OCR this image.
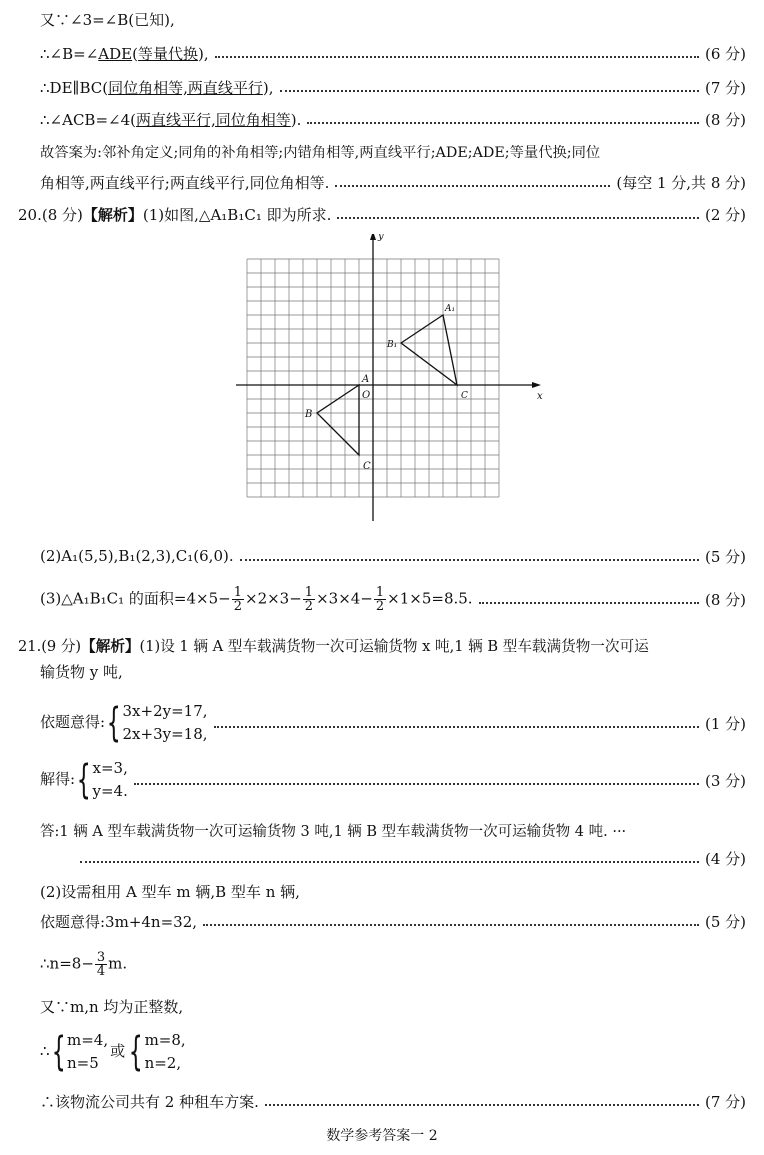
又∵∠3=∠B(已知),
∴∠B=∠ADE(等量代换),	(6 分)
∴DE∥BC(同位角相等,两直线平行),	(7 分)
∴∠ACB=∠4(两直线平行,同位角相等).	(8 分)
故答案为:邻补角定义;同角的补角相等;内错角相等,两直线平行;ADE;ADE;等量代换;同位
角相等,两直线平行;两直线平行,同位角相等.	(每空 1 分,共 8 分)
20.(8 分)【解析】(1)如图,△A₁B₁C₁ 即为所求.	(2 分)
x
y
O
A
B
C
A₁
B₁
C
(2)A₁(5,5),B₁(2,3),C₁(6,0).	(5 分)
(3)△A₁B₁C₁ 的面积$=4\times 5- \frac{1}{2} \times 2\times 3- \frac{1}{2} \times 3\times 4- \frac{1}{2} \times 1\times 5=8.5$.	(8 分)
21.(9 分)【解析】(1)设 1 辆 A 型车载满货物一次可运输货物 x 吨,1 辆 B 型车载满货物一次可运
输货物 y 吨,
依题意得: { 3x+2y=17,
2x+3y=18,
(1 分)
解得: { x=3,
y=4.
(3 分)
答:1 辆 A 型车载满货物一次可运输货物 3 吨,1 辆 B 型车载满货物一次可运输货物 4 吨. ···
(4 分)
(2)设需租用 A 型车 m 辆,B 型车 n 辆,
依题意得:3m+4n=32,	(5 分)
∴n=8− $\frac{3}{4} m$.
又∵m,n 均为正整数,
∴ { m=4,
n=5
或 { m=8,
n=2,
∴该物流公司共有 2 种租车方案.	(7 分)
数学参考答案一 2
